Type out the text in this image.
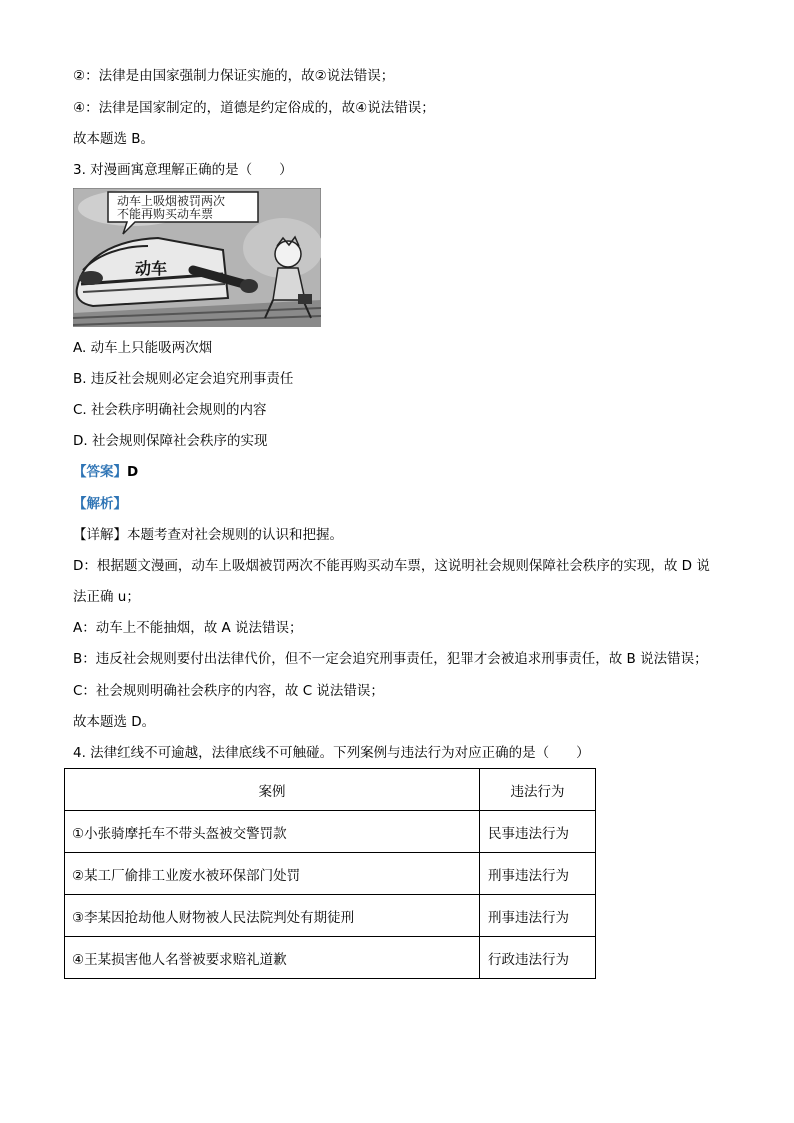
②：法律是由国家强制力保证实施的，故②说法错误；
④：法律是国家制定的，道德是约定俗成的，故④说法错误；
故本题选 B。
3. 对漫画寓意理解正确的是（　　）
动车上吸烟被罚两次
不能再购买动车票
动车
A. 动车上只能吸两次烟
B. 违反社会规则必定会追究刑事责任
C. 社会秩序明确社会规则的内容
D. 社会规则保障社会秩序的实现
【答案】D
【解析】
【详解】本题考查对社会规则的认识和把握。
D：根据题文漫画，动车上吸烟被罚两次不能再购买动车票，这说明社会规则保障社会秩序的实现，故 D 说
法正确 u；
A：动车上不能抽烟，故 A 说法错误；
B：违反社会规则要付出法律代价，但不一定会追究刑事责任，犯罪才会被追求刑事责任，故 B 说法错误；
C：社会规则明确社会秩序的内容，故 C 说法错误；
故本题选 D。
4. 法律红线不可逾越，法律底线不可触碰。下列案例与违法行为对应正确的是（　　）
案例	违法行为
①小张骑摩托车不带头盔被交警罚款	民事违法行为
②某工厂偷排工业废水被环保部门处罚	刑事违法行为
③李某因抢劫他人财物被人民法院判处有期徒刑	刑事违法行为
④王某损害他人名誉被要求赔礼道歉	行政违法行为
